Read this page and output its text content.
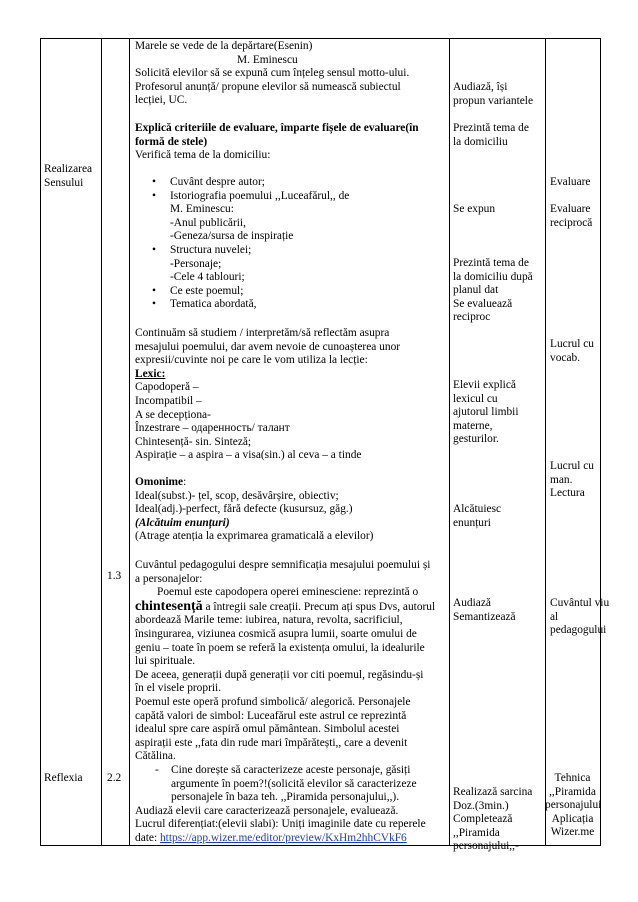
Realizarea
Sensului
Reflexia
1.3
2.2
Marele se vede de la depărtare(Esenin)
M. Eminescu
Solicită elevilor să se expună cum înțeleg sensul motto-ului.
Profesorul anunță/ propune elevilor să numească subiectul
lecției, UC.
Explică criteriile de evaluare, împarte fișele de evaluare(în
formă de stele)
Verifică tema de la domiciliu:
• Cuvânt despre autor;
• Istoriografia poemului ,,Luceafărul,, de
M. Eminescu:
-Anul publicării,
-Geneza/sursa de inspirație
• Structura nuvelei;
-Personaje;
-Cele 4 tablouri;
• Ce este poemul;
• Tematica abordată,
Continuăm să studiem / interpretăm/să reflectăm asupra
mesajului poemului, dar avem nevoie de cunoașterea unor
expresii/cuvinte noi pe care le vom utiliza la lecție:
Lexic:
Capodoperă –
Incompatibil –
A se decepționa-
Înzestrare – одаренность/ талант
Chintesență- sin. Sinteză;
Aspirație – a aspira – a visa(sin.) al ceva – a tinde
Omonime:
Ideal(subst.)- țel, scop, desăvârșire, obiectiv;
Ideal(adj.)-perfect, fără defecte (kusursuz, găg.)
(Alcătuim enunțuri)
(Atrage atenția la exprimarea gramaticală a elevilor)
Cuvântul pedagogului despre semnificația mesajului poemului și
a personajelor:
Poemul este capodopera operei eminesciene: reprezintă o
chintesență a întregii sale creații. Precum ați spus Dvs, autorul
abordează Marile teme: iubirea, natura, revolta, sacrificiul,
însingurarea, viziunea cosmică asupra lumii, soarte omului de
geniu – toate în poem se referă la existența omului, la idealurile
lui spirituale.
De aceea, generații după generații vor citi poemul, regăsindu-și
în el visele proprii.
Poemul este operă profund simbolică/ alegorică. Personajele
capătă valori de simbol: Luceafărul este astrul ce reprezintă
idealul spre care aspiră omul pământean. Simbolul acestei
aspirații este ,,fata din rude mari împărătești,, care a devenit
Cătălina.
- Cine dorește să caracterizeze aceste personaje, găsiți
argumente în poem?!(solicită elevilor să caracterizeze
personajele în baza teh. ,,Piramida personajului,,).
Audiază elevii care caracterizează personajele, evaluează.
Lucrul diferențiat:(elevii slabi): Uniți imaginile date cu reperele
date: https://app.wizer.me/editor/preview/KxHm2hhCVkF6
Audiază, își
propun variantele
Prezintă tema de
la domiciliu
Se expun
Prezintă tema de
la domiciliu după
planul dat
Se evaluează
reciproc
Elevii explică
lexicul cu
ajutorul limbii
materne,
gesturilor.
Alcătuiesc
enunțuri
Audiază
Semantizează
Realizază sarcina
Doz.(3min.)
Completează
,,Piramida
personajului,,-
Evaluare
Evaluare
reciprocă
Lucrul cu
vocab.
Lucrul cu
man.
Lectura
Cuvântul viu
al
pedagogului
Tehnica
,,Piramida
personajului
Aplicația
Wizer.me
